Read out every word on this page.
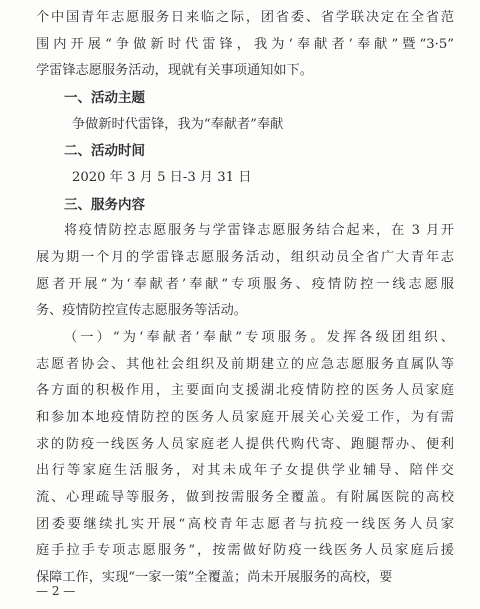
个中国青年志愿服务日来临之际，团省委、省学联决定在全省范
围内开展“争做新时代雷锋，我为‘奉献者’奉献”暨“3·5”
学雷锋志愿服务活动，现就有关事项通知如下。
一、活动主题
争做新时代雷锋，我为“奉献者”奉献
二、活动时间
2020 年 3 月 5 日-3 月 31 日
三、服务内容
将疫情防控志愿服务与学雷锋志愿服务结合起来，在 3 月开
展为期一个月的学雷锋志愿服务活动，组织动员全省广大青年志
愿者开展“为‘奉献者’奉献”专项服务、疫情防控一线志愿服
务、疫情防控宣传志愿服务等活动。
（一）“为‘奉献者’奉献”专项服务。发挥各级团组织、
志愿者协会、其他社会组织及前期建立的应急志愿服务直属队等
各方面的积极作用，主要面向支援湖北疫情防控的医务人员家庭
和参加本地疫情防控的医务人员家庭开展关心关爱工作，为有需
求的防疫一线医务人员家庭老人提供代购代寄、跑腿帮办、便利
出行等家庭生活服务，对其未成年子女提供学业辅导、陪伴交
流、心理疏导等服务，做到按需服务全覆盖。有附属医院的高校
团委要继续扎实开展“高校青年志愿者与抗疫一线医务人员家
庭手拉手专项志愿服务”，按需做好防疫一线医务人员家庭后援
保障工作，实现“一家一策”全覆盖；尚未开展服务的高校，要
— 2 —
